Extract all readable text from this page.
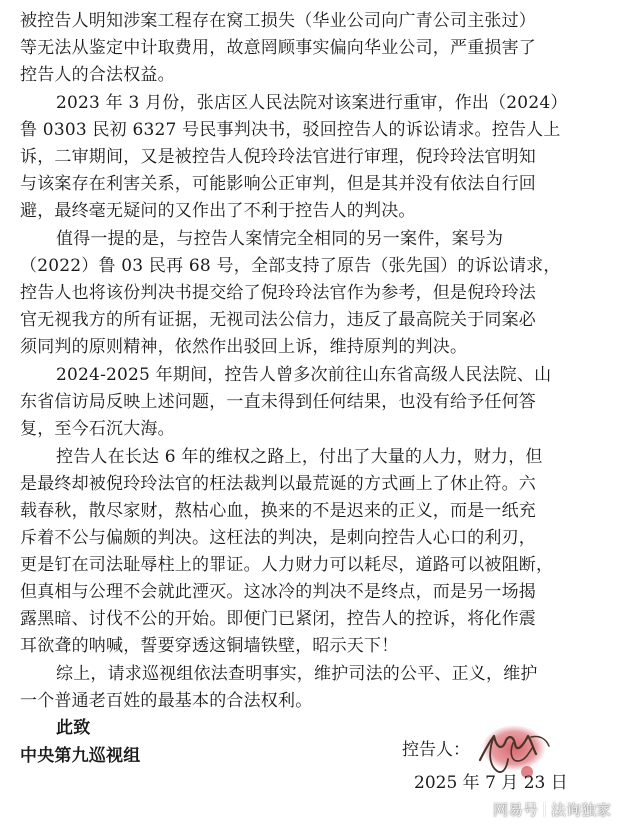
被控告人明知涉案工程存在窝工损失（华业公司向广青公司主张过）
等无法从鉴定中计取费用，故意罔顾事实偏向华业公司，严重损害了
控告人的合法权益。
2023 年 3 月份，张店区人民法院对该案进行重审，作出（2024）
鲁 0303 民初 6327 号民事判决书，驳回控告人的诉讼请求。控告人上
诉，二审期间，又是被控告人倪玲玲法官进行审理，倪玲玲法官明知
与该案存在利害关系，可能影响公正审判，但是其并没有依法自行回
避，最终毫无疑问的又作出了不利于控告人的判决。
值得一提的是，与控告人案情完全相同的另一案件，案号为
（2022）鲁 03 民再 68 号，全部支持了原告（张先国）的诉讼请求，
控告人也将该份判决书提交给了倪玲玲法官作为参考，但是倪玲玲法
官无视我方的所有证据，无视司法公信力，违反了最高院关于同案必
须同判的原则精神，依然作出驳回上诉，维持原判的判决。
2024-2025 年期间，控告人曾多次前往山东省高级人民法院、山
东省信访局反映上述问题，一直未得到任何结果，也没有给予任何答
复，至今石沉大海。
控告人在长达 6 年的维权之路上，付出了大量的人力，财力，但
是最终却被倪玲玲法官的枉法裁判以最荒诞的方式画上了休止符。六
载春秋，散尽家财，熬枯心血，换来的不是迟来的正义，而是一纸充
斥着不公与偏颇的判决。这枉法的判决，是刺向控告人心口的利刃，
更是钉在司法耻辱柱上的罪证。人力财力可以耗尽，道路可以被阻断，
但真相与公理不会就此湮灭。这冰冷的判决不是终点，而是另一场揭
露黑暗、讨伐不公的开始。即便门已紧闭，控告人的控诉，将化作震
耳欲聋的呐喊，誓要穿透这铜墙铁壁，昭示天下！
综上，请求巡视组依法查明事实，维护司法的公平、正义，维护
一个普通老百姓的最基本的合法权利。
此致
中央第九巡视组	控告人：
2025 年 7 月 23 日
网易号 法询独家
